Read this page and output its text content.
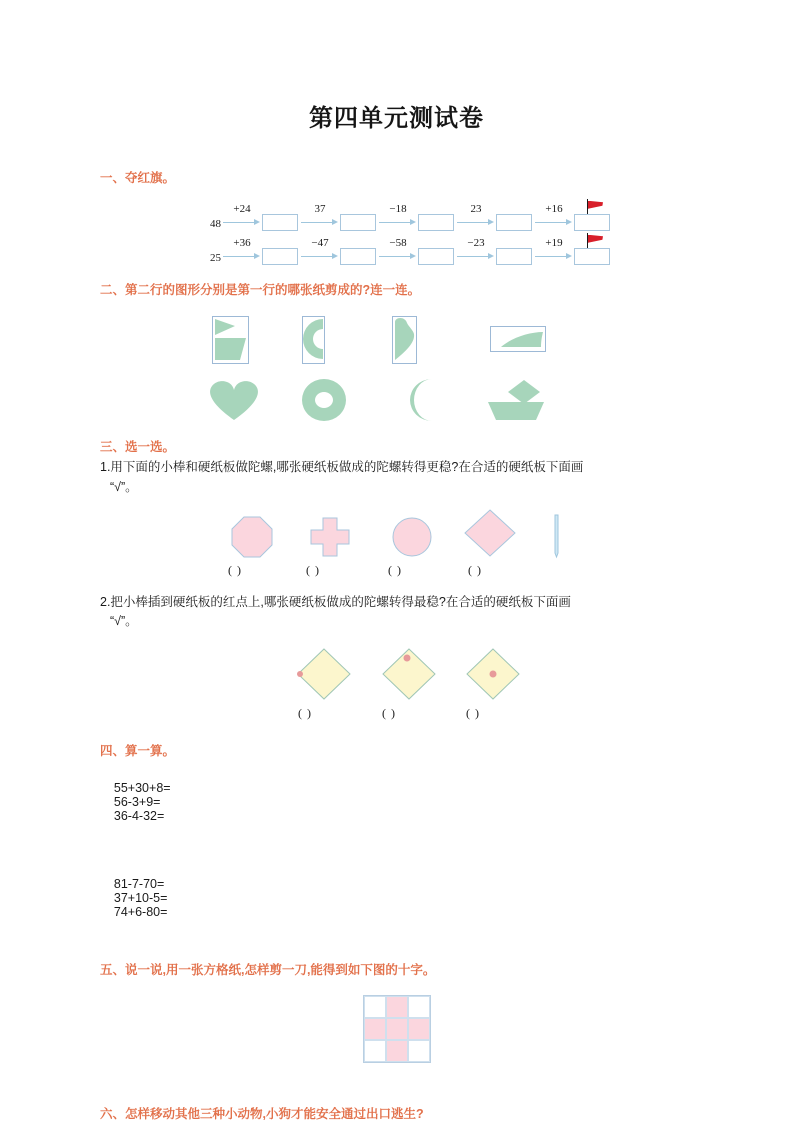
第四单元测试卷

一、夺红旗。

48
+24	37	−18	23	+16
25
+36	−47	−58	−23	+19

二、第二行的图形分别是第一行的哪张纸剪成的?连一连。

三、选一选。

1.用下面的小棒和硬纸板做陀螺,哪张硬纸板做成的陀螺转得更稳?在合适的硬纸板下面画
“√”。

( )	( )	( )	( )

2.把小棒插到硬纸板的红点上,哪张硬纸板做成的陀螺转得最稳?在合适的硬纸板下面画
“√”。

( )	( )	( )

四、算一算。

55+30+8=
56-3+9=
36-4-32=

81-7-70=
37+10-5=
74+6-80=

五、说一说,用一张方格纸,怎样剪一刀,能得到如下图的十字。

六、怎样移动其他三种小动物,小狗才能安全通过出口逃生?
